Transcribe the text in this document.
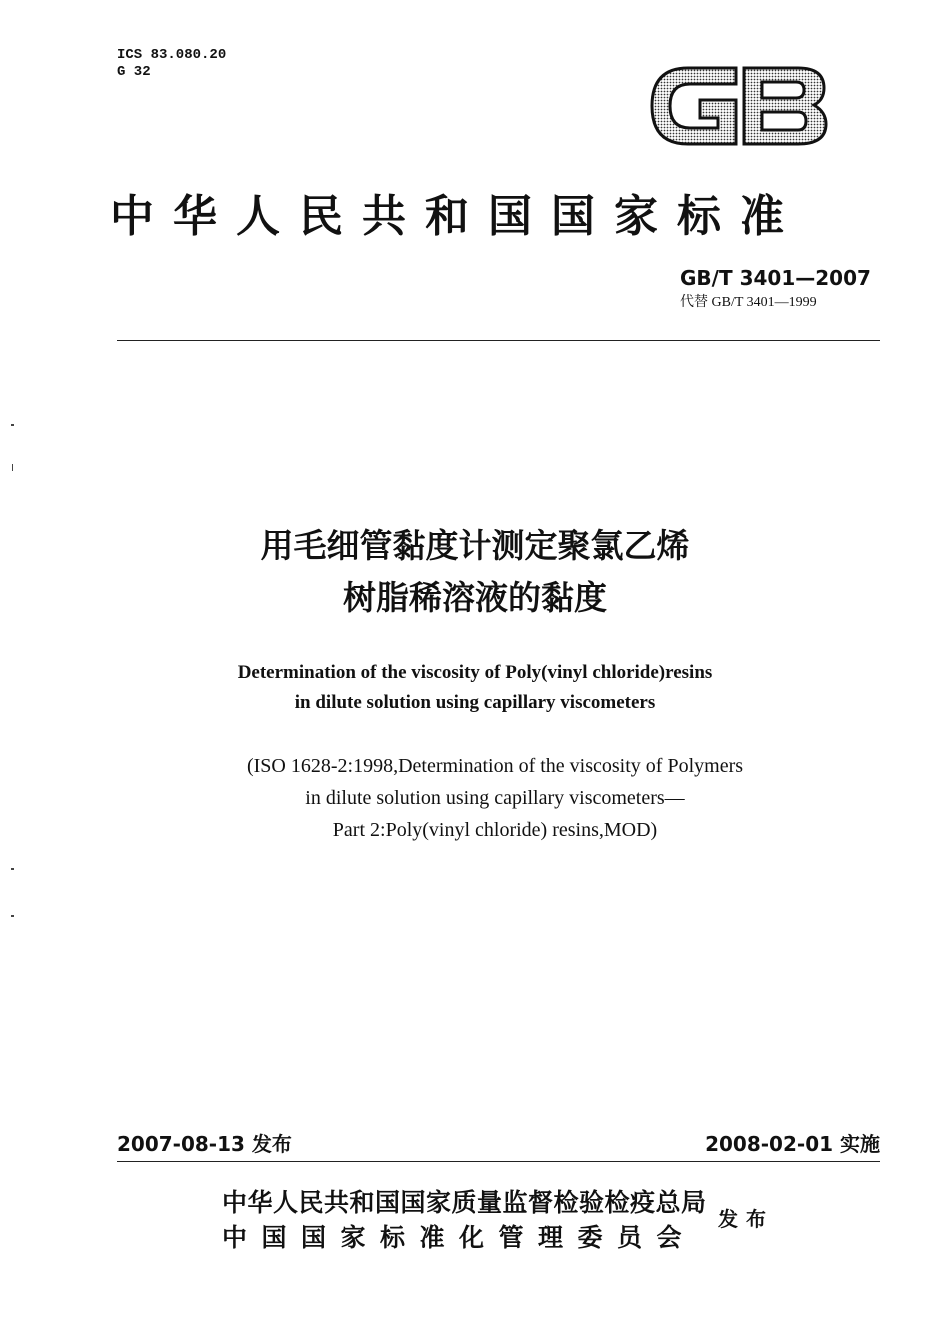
ICS 83.080.20
G 32
中华人民共和国国家标准
GB/T 3401—2007
代替 GB/T 3401—1999
用毛细管黏度计测定聚氯乙烯
树脂稀溶液的黏度
Determination of the viscosity of Poly(vinyl chloride)resins
in dilute solution using capillary viscometers
(ISO 1628-2:1998,Determination of the viscosity of Polymers
in dilute solution using capillary viscometers—
Part 2:Poly(vinyl chloride) resins,MOD)
2007-08-13 发布	2008-02-01 实施
中华人民共和国国家质量监督检验检疫总局
中国国家标准化管理委员会
发布
